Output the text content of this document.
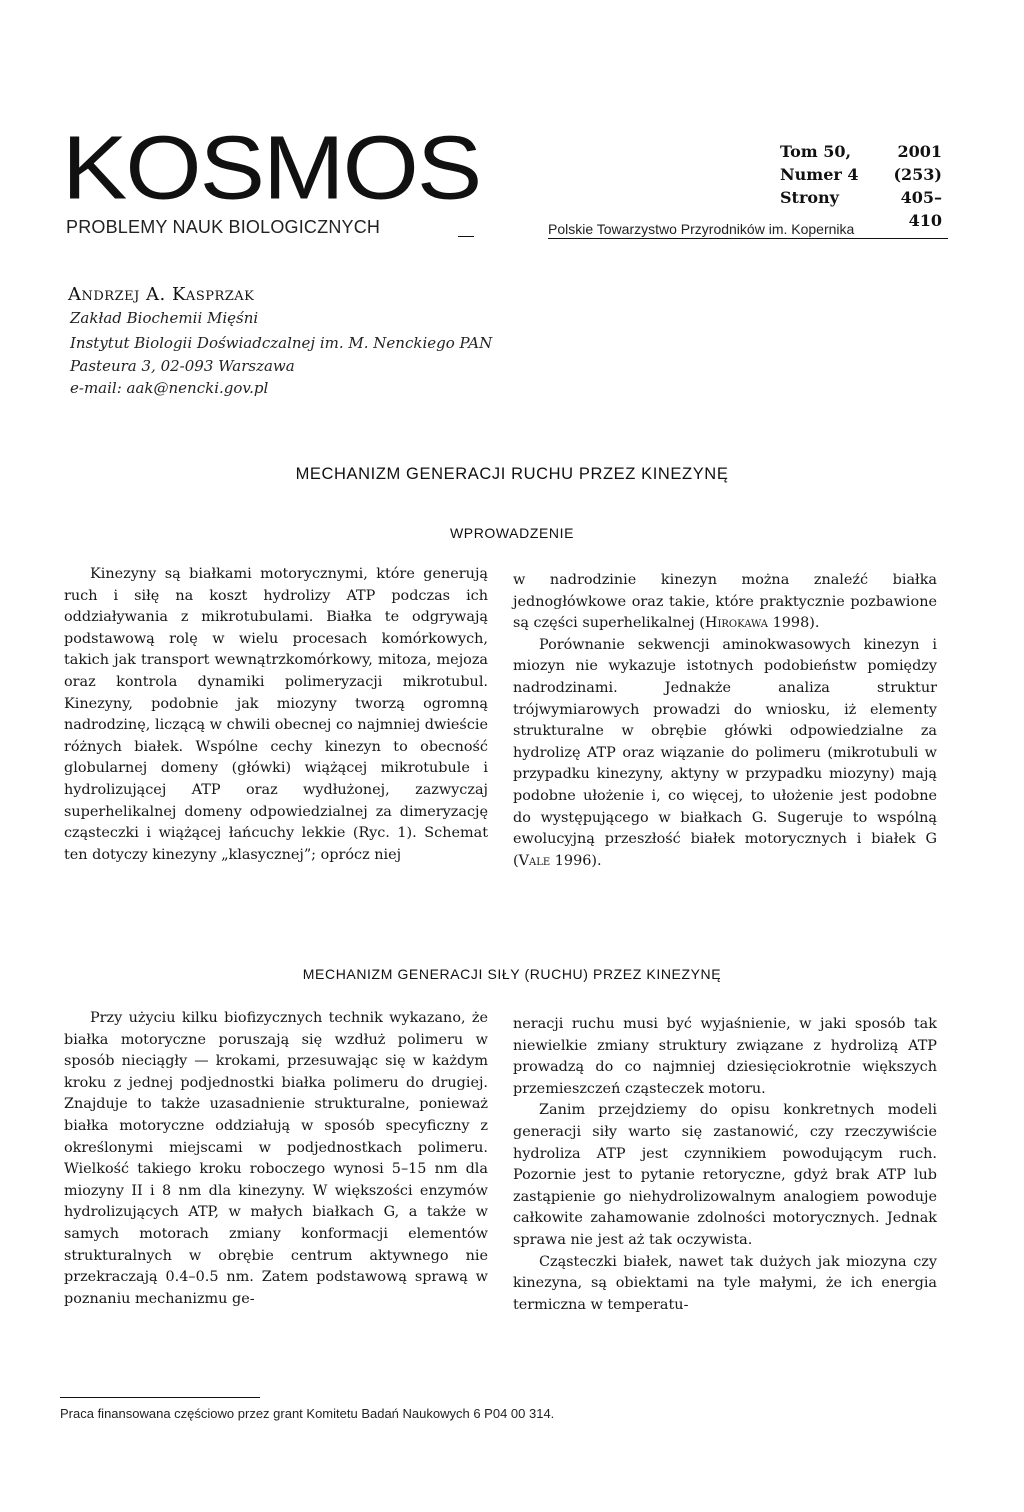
KOSMOS
PROBLEMY NAUK BIOLOGICZNYCH
Tom 50,	2001
Numer 4	(253)
Strony	405–410
Polskie Towarzystwo Przyrodników im. Kopernika
Andrzej A. Kasprzak
Zakład Biochemii Mięśni
Instytut Biologii Doświadczalnej im. M. Nenckiego PAN
Pasteura 3, 02-093 Warszawa
e-mail: aak@nencki.gov.pl
MECHANIZM GENERACJI RUCHU PRZEZ KINEZYNĘ
WPROWADZENIE

Kinezyny są białkami motorycznymi, które generują ruch i siłę na koszt hydrolizy ATP podczas ich oddziaływania z mikrotubulami. Białka te odgrywają podstawową rolę w wielu procesach komórkowych, takich jak transport wewnątrzkomórkowy, mitoza, mejoza oraz kontrola dynamiki polimeryzacji mikrotubul. Kinezyny, podobnie jak miozyny tworzą ogromną nadrodzinę, liczącą w chwili obecnej co najmniej dwieście różnych białek. Wspólne cechy kinezyn to obecność globularnej domeny (główki) wiążącej mikrotubule i hydrolizującej ATP oraz wydłużonej, zazwyczaj superhelikalnej domeny odpowiedzialnej za dimeryzację cząsteczki i wiążącej łańcuchy lekkie (Ryc. 1). Schemat ten dotyczy kinezyny „klasycznej”; oprócz niej

w nadrodzinie kinezyn można znaleźć białka jednogłówkowe oraz takie, które praktycznie pozbawione są części superhelikalnej (Hirokawa 1998).

Porównanie sekwencji aminokwasowych kinezyn i miozyn nie wykazuje istotnych podobieństw pomiędzy nadrodzinami. Jednakże analiza struktur trójwymiarowych prowadzi do wniosku, iż elementy strukturalne w obrębie główki odpowiedzialne za hydrolizę ATP oraz wiązanie do polimeru (mikrotubuli w przypadku kinezyny, aktyny w przypadku miozyny) mają podobne ułożenie i, co więcej, to ułożenie jest podobne do występującego w białkach G. Sugeruje to wspólną ewolucyjną przeszłość białek motorycznych i białek G (Vale 1996).

MECHANIZM GENERACJI SIŁY (RUCHU) PRZEZ KINEZYNĘ

Przy użyciu kilku biofizycznych technik wykazano, że białka motoryczne poruszają się wzdłuż polimeru w sposób nieciągły — krokami, przesuwając się w każdym kroku z jednej podjednostki białka polimeru do drugiej. Znajduje to także uzasadnienie strukturalne, ponieważ białka motoryczne oddziałują w sposób specyficzny z określonymi miejscami w podjednostkach polimeru. Wielkość takiego kroku roboczego wynosi 5–15 nm dla miozyny II i 8 nm dla kinezyny. W większości enzymów hydrolizujących ATP, w małych białkach G, a także w samych motorach zmiany konformacji elementów strukturalnych w obrębie centrum aktywnego nie przekraczają 0.4–0.5 nm. Zatem podstawową sprawą w poznaniu mechanizmu ge-

neracji ruchu musi być wyjaśnienie, w jaki sposób tak niewielkie zmiany struktury związane z hydrolizą ATP prowadzą do co najmniej dziesięciokrotnie większych przemieszczeń cząsteczek motoru.

Zanim przejdziemy do opisu konkretnych modeli generacji siły warto się zastanowić, czy rzeczywiście hydroliza ATP jest czynnikiem powodującym ruch. Pozornie jest to pytanie retoryczne, gdyż brak ATP lub zastąpienie go niehydrolizowalnym analogiem powoduje całkowite zahamowanie zdolności motorycznych. Jednak sprawa nie jest aż tak oczywista.

Cząsteczki białek, nawet tak dużych jak miozyna czy kinezyna, są obiektami na tyle małymi, że ich energia termiczna w temperatu-

Praca finansowana częściowo przez grant Komitetu Badań Naukowych 6 P04 00 314.
